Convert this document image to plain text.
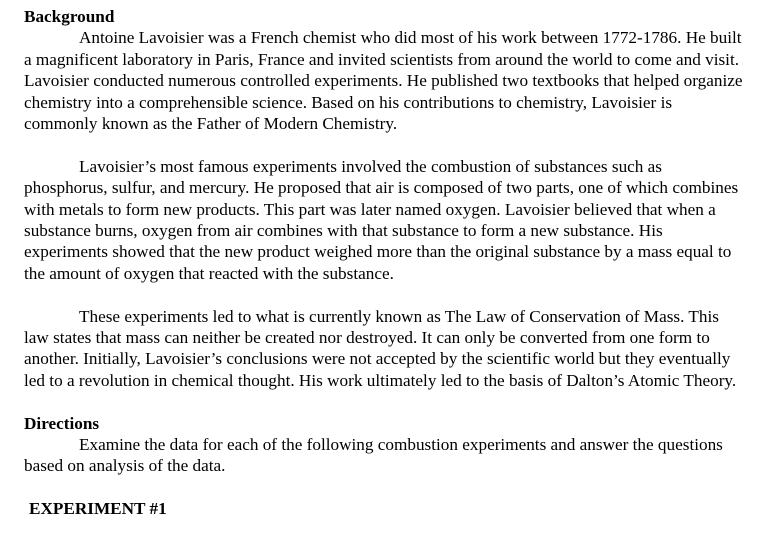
Background

Antoine Lavoisier was a French chemist who did most of his work between 1772-1786. He built a magnificent laboratory in Paris, France and invited scientists from around the world to come and visit. Lavoisier conducted numerous controlled experiments. He published two textbooks that helped organize chemistry into a comprehensible science. Based on his contributions to chemistry, Lavoisier is commonly known as the Father of Modern Chemistry.

Lavoisier’s most famous experiments involved the combustion of substances such as phosphorus, sulfur, and mercury. He proposed that air is composed of two parts, one of which combines with metals to form new products. This part was later named oxygen. Lavoisier believed that when a substance burns, oxygen from air combines with that substance to form a new substance. His experiments showed that the new product weighed more than the original substance by a mass equal to the amount of oxygen that reacted with the substance.

These experiments led to what is currently known as The Law of Conservation of Mass. This law states that mass can neither be created nor destroyed. It can only be converted from one form to another. Initially, Lavoisier’s conclusions were not accepted by the scientific world but they eventually led to a revolution in chemical thought. His work ultimately led to the basis of Dalton’s Atomic Theory.

Directions

Examine the data for each of the following combustion experiments and answer the questions based on analysis of the data.

EXPERIMENT #1
